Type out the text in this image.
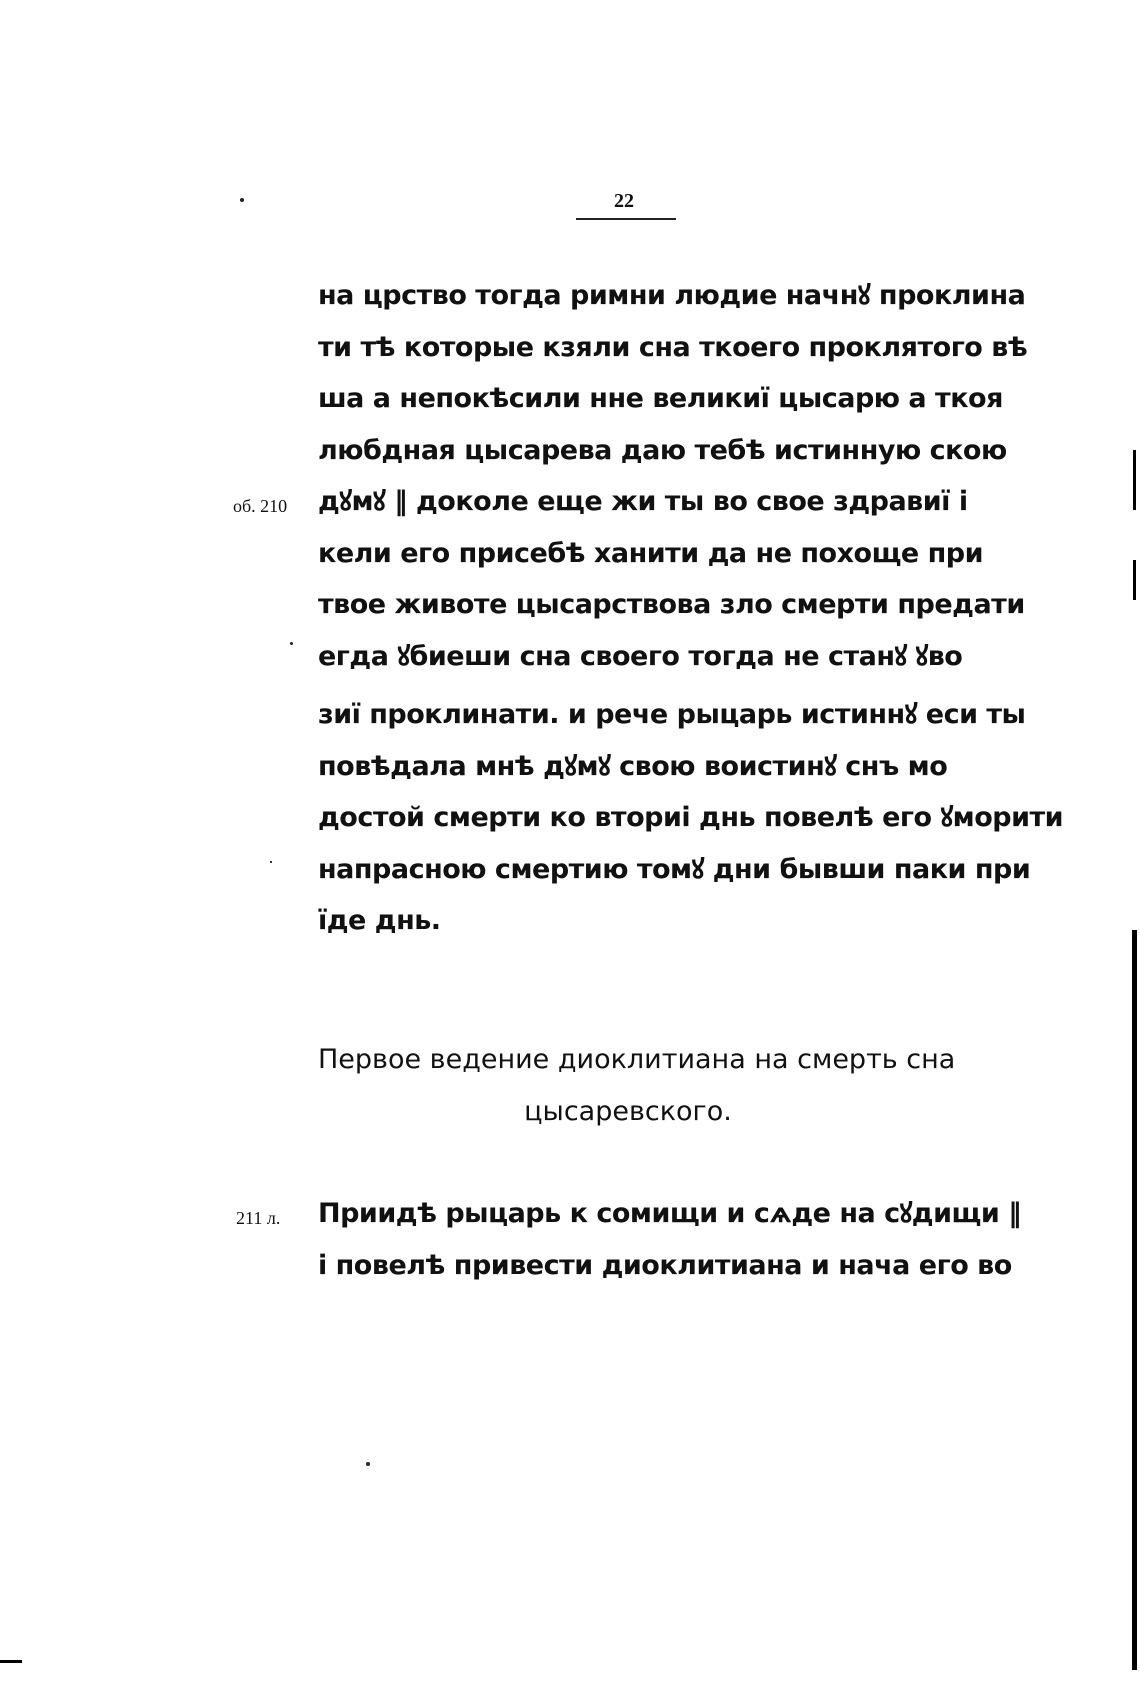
22
об. 210
·
211 л.
на црство тогда римни людие начнꙋ проклина
ти тѣ которые кзяли сна ткоего проклятого вѣ
ша а непокѣсили нне великиї цысарю а ткоя
любдная цысарева даю тебѣ истинную скою
дꙋмꙋ ‖ доколе еще жи ты во свое здравиї і
кели его присебѣ ханити да не похоще при
твое животе цысарствова зло смерти предати
егда ꙋбиеши сна своего тогда не станꙋ ꙋво
зиї проклинати. и рече рыцарь истиннꙋ еси ты
повѣдала мнѣ дꙋмꙋ свою воистинꙋ снъ мо
достой смерти ко вториі днь повелѣ его ꙋморити
напрасною смертию томꙋ дни бывши паки при
їде днь.
Первое ведение диоклитиана на смерть сна
цысаревского.
Приидѣ рыцарь к сомищи и сѧде на сꙋдищи ‖
і повелѣ привести диоклитиана и нача его во
